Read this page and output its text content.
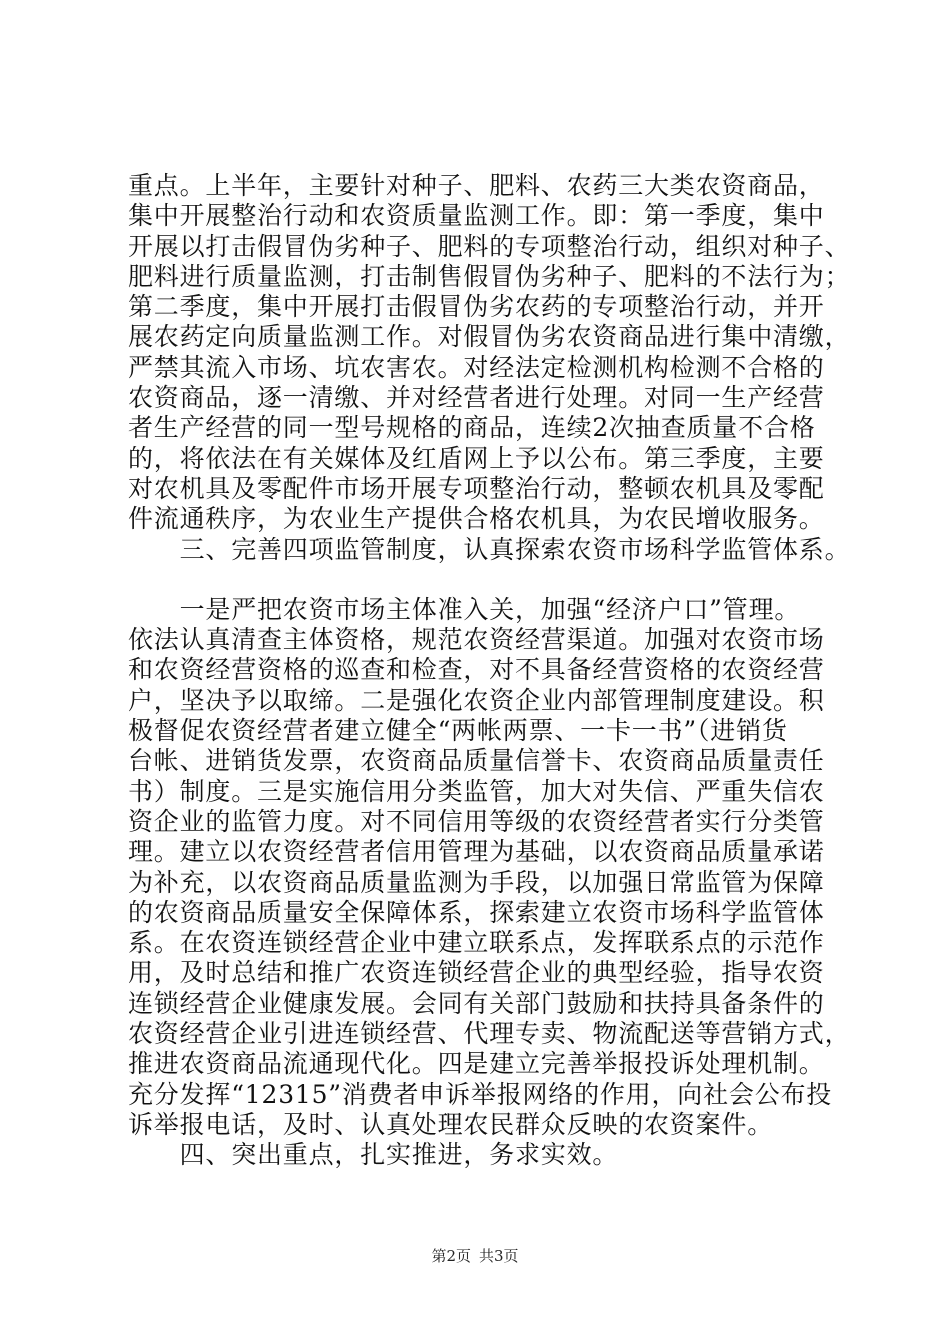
重点。上半年，主要针对种子、肥料、农药三大类农资商品，
集中开展整治行动和农资质量监测工作。即：第一季度，集中
开展以打击假冒伪劣种子、肥料的专项整治行动，组织对种子、
肥料进行质量监测，打击制售假冒伪劣种子、肥料的不法行为；
第二季度，集中开展打击假冒伪劣农药的专项整治行动，并开
展农药定向质量监测工作。对假冒伪劣农资商品进行集中清缴，
严禁其流入市场、坑农害农。对经法定检测机构检测不合格的
农资商品，逐一清缴、并对经营者进行处理。对同一生产经营
者生产经营的同一型号规格的商品，连续2次抽查质量不合格
的，将依法在有关媒体及红盾网上予以公布。第三季度，主要
对农机具及零配件市场开展专项整治行动，整顿农机具及零配
件流通秩序，为农业生产提供合格农机具，为农民增收服务。
　　三、完善四项监管制度，认真探索农资市场科学监管体系。
　　一是严把农资市场主体准入关，加强“经济户口”管理。
依法认真清查主体资格，规范农资经营渠道。加强对农资市场
和农资经营资格的巡查和检查，对不具备经营资格的农资经营
户，坚决予以取缔。二是强化农资企业内部管理制度建设。积
极督促农资经营者建立健全“两帐两票、一卡一书”（进销货
台帐、进销货发票，农资商品质量信誉卡、农资商品质量责任
书）制度。三是实施信用分类监管，加大对失信、严重失信农
资企业的监管力度。对不同信用等级的农资经营者实行分类管
理。建立以农资经营者信用管理为基础，以农资商品质量承诺
为补充，以农资商品质量监测为手段，以加强日常监管为保障
的农资商品质量安全保障体系，探索建立农资市场科学监管体
系。在农资连锁经营企业中建立联系点，发挥联系点的示范作
用，及时总结和推广农资连锁经营企业的典型经验，指导农资
连锁经营企业健康发展。会同有关部门鼓励和扶持具备条件的
农资经营企业引进连锁经营、代理专卖、物流配送等营销方式，
推进农资商品流通现代化。四是建立完善举报投诉处理机制。
充分发挥“12315”消费者申诉举报网络的作用，向社会公布投
诉举报电话，及时、认真处理农民群众反映的农资案件。
　　四、突出重点，扎实推进，务求实效。
第2页 共3页
